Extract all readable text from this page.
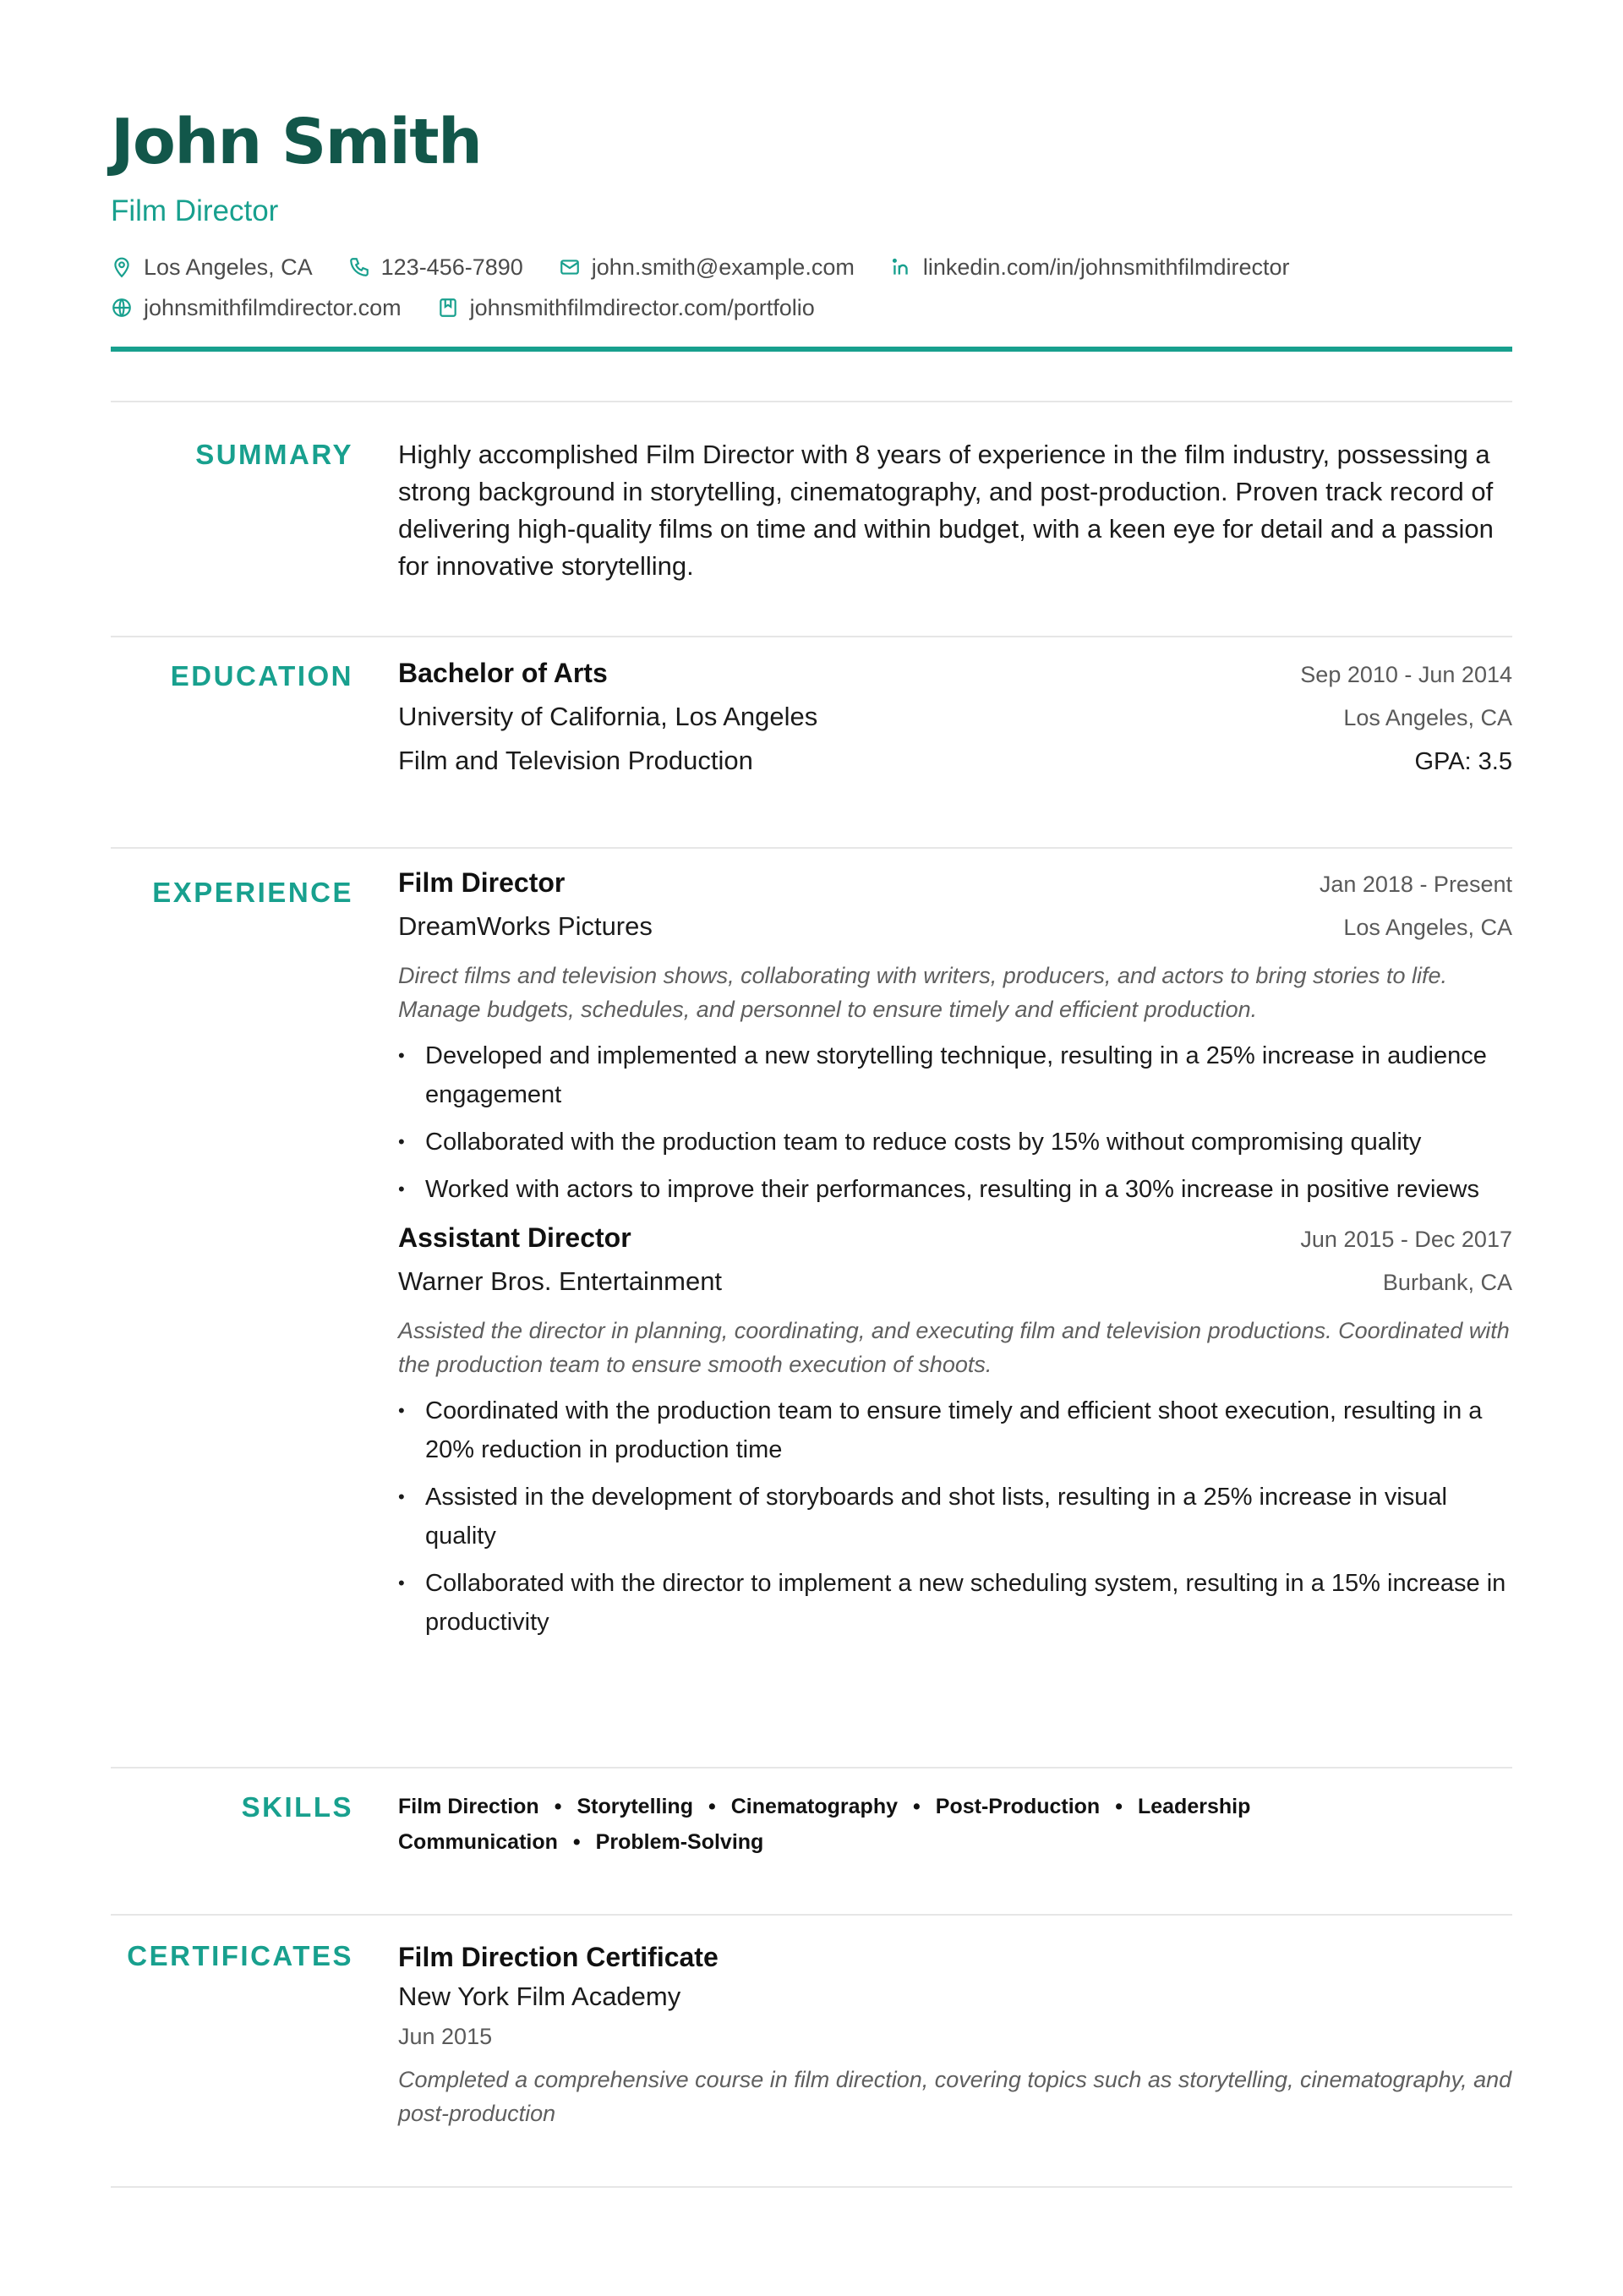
John Smith
Film Director
Los Angeles, CA	123-456-7890	john.smith@example.com	linkedin.com/in/johnsmithfilmdirector
johnsmithfilmdirector.com	johnsmithfilmdirector.com/portfolio
SUMMARY Highly accomplished Film Director with 8 years of experience in the film industry, possessing a strong background in storytelling, cinematography, and post-production. Proven track record of delivering high-quality films on time and within budget, with a keen eye for detail and a passion for innovative storytelling.

EDUCATION Bachelor of Arts	Sep 2010 - Jun 2014
University of California, Los Angeles	Los Angeles, CA
Film and Television Production	GPA: 3.5
EXPERIENCE Film Director	Jan 2018 - Present
DreamWorks Pictures	Los Angeles, CA

Direct films and television shows, collaborating with writers, producers, and actors to bring stories to life. Manage budgets, schedules, and personnel to ensure timely and efficient production.

• Developed and implemented a new storytelling technique, resulting in a 25% increase in audience engagement
• Collaborated with the production team to reduce costs by 15% without compromising quality
• Worked with actors to improve their performances, resulting in a 30% increase in positive reviews
Assistant Director	Jun 2015 - Dec 2017
Warner Bros. Entertainment	Burbank, CA

Assisted the director in planning, coordinating, and executing film and television productions. Coordinated with the production team to ensure smooth execution of shoots.

• Coordinated with the production team to ensure timely and efficient shoot execution, resulting in a 20% reduction in production time
• Assisted in the development of storyboards and shot lists, resulting in a 25% increase in visual quality
• Collaborated with the director to implement a new scheduling system, resulting in a 15% increase in productivity
SKILLS Film Direction • Storytelling • Cinematography • Post-Production • Leadership
Communication • Problem-Solving
CERTIFICATES Film Direction Certificate
New York Film Academy
Jun 2015

Completed a comprehensive course in film direction, covering topics such as storytelling, cinematography, and post-production
